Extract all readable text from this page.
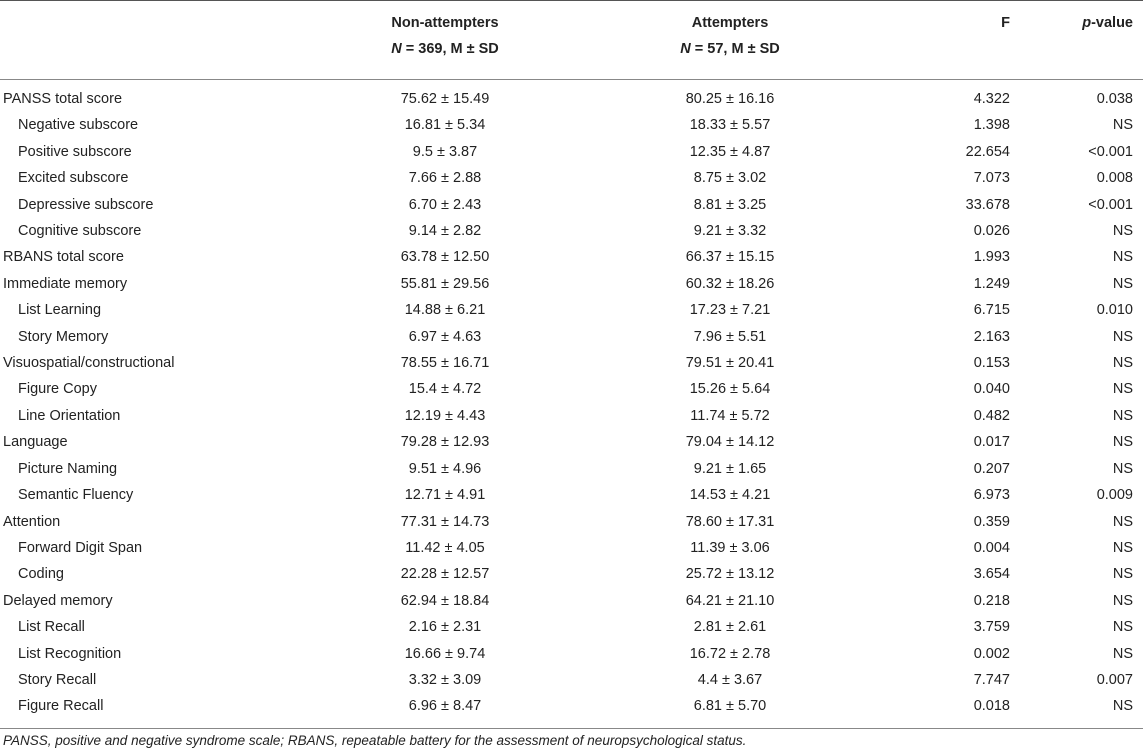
	Non-attempters	Attempters	F	p-value
	N = 369, M ± SD	N = 57, M ± SD		
PANSS total score	75.62 ± 15.49	80.25 ± 16.16	4.322	0.038
Negative subscore	16.81 ± 5.34	18.33 ± 5.57	1.398	NS
Positive subscore	9.5 ± 3.87	12.35 ± 4.87	22.654	<0.001
Excited subscore	7.66 ± 2.88	8.75 ± 3.02	7.073	0.008
Depressive subscore	6.70 ± 2.43	8.81 ± 3.25	33.678	<0.001
Cognitive subscore	9.14 ± 2.82	9.21 ± 3.32	0.026	NS
RBANS total score	63.78 ± 12.50	66.37 ± 15.15	1.993	NS
Immediate memory	55.81 ± 29.56	60.32 ± 18.26	1.249	NS
List Learning	14.88 ± 6.21	17.23 ± 7.21	6.715	0.010
Story Memory	6.97 ± 4.63	7.96 ± 5.51	2.163	NS
Visuospatial/constructional	78.55 ± 16.71	79.51 ± 20.41	0.153	NS
Figure Copy	15.4 ± 4.72	15.26 ± 5.64	0.040	NS
Line Orientation	12.19 ± 4.43	11.74 ± 5.72	0.482	NS
Language	79.28 ± 12.93	79.04 ± 14.12	0.017	NS
Picture Naming	9.51 ± 4.96	9.21 ± 1.65	0.207	NS
Semantic Fluency	12.71 ± 4.91	14.53 ± 4.21	6.973	0.009
Attention	77.31 ± 14.73	78.60 ± 17.31	0.359	NS
Forward Digit Span	11.42 ± 4.05	11.39 ± 3.06	0.004	NS
Coding	22.28 ± 12.57	25.72 ± 13.12	3.654	NS
Delayed memory	62.94 ± 18.84	64.21 ± 21.10	0.218	NS
List Recall	2.16 ± 2.31	2.81 ± 2.61	3.759	NS
List Recognition	16.66 ± 9.74	16.72 ± 2.78	0.002	NS
Story Recall	3.32 ± 3.09	4.4 ± 3.67	7.747	0.007
Figure Recall	6.96 ± 8.47	6.81 ± 5.70	0.018	NS
PANSS, positive and negative syndrome scale; RBANS, repeatable battery for the assessment of neuropsychological status.
